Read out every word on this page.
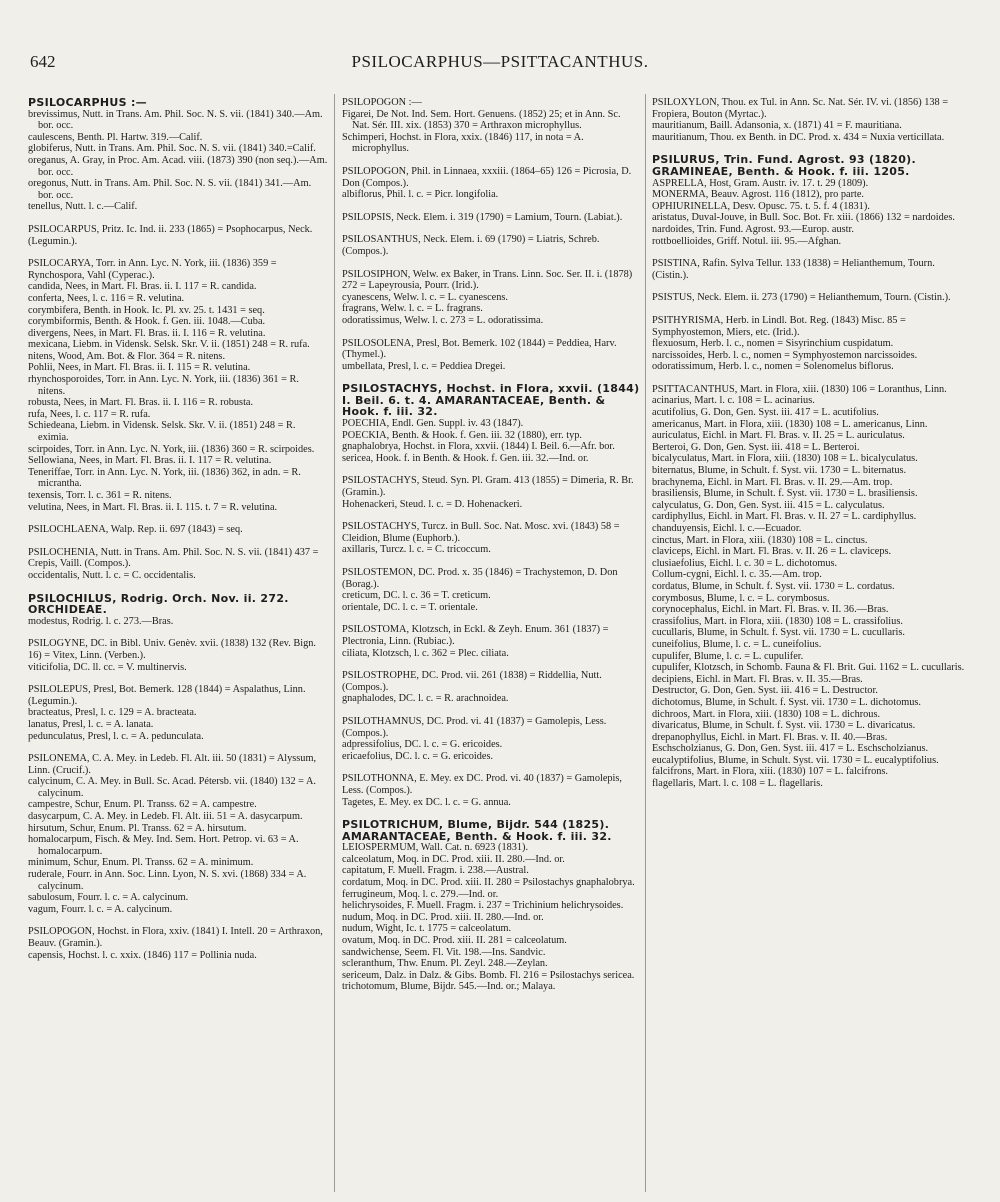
642	PSILOCARPHUS—PSITTACANTHUS.
PSILOCARPHUS :—
brevissimus, Nutt. in Trans. Am. Phil. Soc. N. S. vii. (1841) 340.—Am. bor. occ.
caulescens, Benth. Pl. Hartw. 319.—Calif.
globiferus, Nutt. in Trans. Am. Phil. Soc. N. S. vii. (1841) 340.=Calif.
oreganus, A. Gray, in Proc. Am. Acad. viii. (1873) 390 (non seq.).—Am. bor. occ.
oregonus, Nutt. in Trans. Am. Phil. Soc. N. S. vii. (1841) 341.—Am. bor. occ.
tenellus, Nutt. l. c.—Calif.
PSILOCARPUS, Pritz. Ic. Ind. ii. 233 (1865) = Psophocarpus, Neck. (Legumin.).
PSILOCARYA, Torr. in Ann. Lyc. N. York, iii. (1836) 359 = Rynchospora, Vahl (Cyperac.).
candida, Nees, in Mart. Fl. Bras. ii. I. 117 = R. candida.
conferta, Nees, l. c. 116 = R. velutina.
corymbifera, Benth. in Hook. Ic. Pl. xv. 25. t. 1431 = seq.
corymbiformis, Benth. & Hook. f. Gen. iii. 1048.—Cuba.
divergens, Nees, in Mart. Fl. Bras. ii. I. 116 = R. velutina.
mexicana, Liebm. in Vidensk. Selsk. Skr. V. ii. (1851) 248 = R. rufa.
nitens, Wood, Am. Bot. & Flor. 364 = R. nitens.
Pohlii, Nees, in Mart. Fl. Bras. ii. I. 115 = R. velutina.
rhynchosporoides, Torr. in Ann. Lyc. N. York, iii. (1836) 361 = R. nitens.
robusta, Nees, in Mart. Fl. Bras. ii. I. 116 = R. robusta.
rufa, Nees, l. c. 117 = R. rufa.
Schiedeana, Liebm. in Vidensk. Selsk. Skr. V. ii. (1851) 248 = R. eximia.
scirpoides, Torr. in Ann. Lyc. N. York, iii. (1836) 360 = R. scirpoides.
Sellowiana, Nees, in Mart. Fl. Bras. ii. I. 117 = R. velutina.
Teneriffae, Torr. in Ann. Lyc. N. York, iii. (1836) 362, in adn. = R. micrantha.
texensis, Torr. l. c. 361 = R. nitens.
velutina, Nees, in Mart. Fl. Bras. ii. I. 115. t. 7 = R. velutina.
PSILOCHLAENA, Walp. Rep. ii. 697 (1843) = seq.
PSILOCHENIA, Nutt. in Trans. Am. Phil. Soc. N. S. vii. (1841) 437 = Crepis, Vaill. (Compos.).
occidentalis, Nutt. l. c. = C. occidentalis.
PSILOCHILUS, Rodrig. Orch. Nov. ii. 272. ORCHIDEAE.
modestus, Rodrig. l. c. 273.—Bras.
PSILOGYNE, DC. in Bibl. Univ. Genèv. xvii. (1838) 132 (Rev. Bign. 16) = Vitex, Linn. (Verben.).
viticifolia, DC. ll. cc. = V. multinervis.
PSILOLEPUS, Presl, Bot. Bemerk. 128 (1844) = Aspalathus, Linn. (Legumin.).
bracteatus, Presl, l. c. 129 = A. bracteata.
lanatus, Presl, l. c. = A. lanata.
pedunculatus, Presl, l. c. = A. pedunculata.
PSILONEMA, C. A. Mey. in Ledeb. Fl. Alt. iii. 50 (1831) = Alyssum, Linn. (Crucif.).
calycinum, C. A. Mey. in Bull. Sc. Acad. Pétersb. vii. (1840) 132 = A. calycinum.
campestre, Schur, Enum. Pl. Transs. 62 = A. campestre.
dasycarpum, C. A. Mey. in Ledeb. Fl. Alt. iii. 51 = A. dasycarpum.
hirsutum, Schur, Enum. Pl. Transs. 62 = A. hirsutum.
homalocarpum, Fisch. & Mey. Ind. Sem. Hort. Petrop. vi. 63 = A. homalocarpum.
minimum, Schur, Enum. Pl. Transs. 62 = A. minimum.
ruderale, Fourr. in Ann. Soc. Linn. Lyon, N. S. xvi. (1868) 334 = A. calycinum.
sabulosum, Fourr. l. c. = A. calycinum.
vagum, Fourr. l. c. = A. calycinum.
PSILOPOGON, Hochst. in Flora, xxiv. (1841) I. Intell. 20 = Arthraxon, Beauv. (Gramin.).
capensis, Hochst. l. c. xxix. (1846) 117 = Pollinia nuda.
PSILOPOGON :—
Figarei, De Not. Ind. Sem. Hort. Genuens. (1852) 25; et in Ann. Sc. Nat. Sér. III. xix. (1853) 370 = Arthraxon microphyllus.
Schimperi, Hochst. in Flora, xxix. (1846) 117, in nota = A. microphyllus.
PSILOPOGON, Phil. in Linnaea, xxxiii. (1864–65) 126 = Picrosia, D. Don (Compos.).
albiflorus, Phil. l. c. = Picr. longifolia.
PSILOPSIS, Neck. Elem. i. 319 (1790) = Lamium, Tourn. (Labiat.).
PSILOSANTHUS, Neck. Elem. i. 69 (1790) = Liatris, Schreb. (Compos.).
PSILOSIPHON, Welw. ex Baker, in Trans. Linn. Soc. Ser. II. i. (1878) 272 = Lapeyrousia, Pourr. (Irid.).
cyanescens, Welw. l. c. = L. cyanescens.
fragrans, Welw. l. c. = L. fragrans.
odoratissimus, Welw. l. c. 273 = L. odoratissima.
PSILOSOLENA, Presl, Bot. Bemerk. 102 (1844) = Peddiea, Harv. (Thymel.).
umbellata, Presl, l. c. = Peddiea Dregei.
PSILOSTACHYS, Hochst. in Flora, xxvii. (1844) I. Beil. 6. t. 4. AMARANTACEAE, Benth. & Hook. f. iii. 32.
POECHIA, Endl. Gen. Suppl. iv. 43 (1847).
POECKIA, Benth. & Hook. f. Gen. iii. 32 (1880), err. typ.
gnaphalobrya, Hochst. in Flora, xxvii. (1844) I. Beil. 6.—Afr. bor.
sericea, Hook. f. in Benth. & Hook. f. Gen. iii. 32.—Ind. or.
PSILOSTACHYS, Steud. Syn. Pl. Gram. 413 (1855) = Dimeria, R. Br. (Gramin.).
Hohenackeri, Steud. l. c. = D. Hohenackeri.
PSILOSTACHYS, Turcz. in Bull. Soc. Nat. Mosc. xvi. (1843) 58 = Cleidion, Blume (Euphorb.).
axillaris, Turcz. l. c. = C. tricoccum.
PSILOSTEMON, DC. Prod. x. 35 (1846) = Trachystemon, D. Don (Borag.).
creticum, DC. l. c. 36 = T. creticum.
orientale, DC. l. c. = T. orientale.
PSILOSTOMA, Klotzsch, in Eckl. & Zeyh. Enum. 361 (1837) = Plectronia, Linn. (Rubiac.).
ciliata, Klotzsch, l. c. 362 = Plec. ciliata.
PSILOSTROPHE, DC. Prod. vii. 261 (1838) = Riddellia, Nutt. (Compos.).
gnaphalodes, DC. l. c. = R. arachnoidea.
PSILOTHAMNUS, DC. Prod. vi. 41 (1837) = Gamolepis, Less. (Compos.).
adpressifolius, DC. l. c. = G. ericoides.
ericaefolius, DC. l. c. = G. ericoides.
PSILOTHONNA, E. Mey. ex DC. Prod. vi. 40 (1837) = Gamolepis, Less. (Compos.).
Tagetes, E. Mey. ex DC. l. c. = G. annua.
PSILOTRICHUM, Blume, Bijdr. 544 (1825). AMARANTACEAE, Benth. & Hook. f. iii. 32.
LEIOSPERMUM, Wall. Cat. n. 6923 (1831).
calceolatum, Moq. in DC. Prod. xiii. II. 280.—Ind. or.
capitatum, F. Muell. Fragm. i. 238.—Austral.
cordatum, Moq. in DC. Prod. xiii. II. 280 = Psilostachys gnaphalobrya.
ferrugineum, Moq. l. c. 279.—Ind. or.
helichrysoides, F. Muell. Fragm. i. 237 = Trichinium helichrysoides.
nudum, Moq. in DC. Prod. xiii. II. 280.—Ind. or.
nudum, Wight, Ic. t. 1775 = calceolatum.
ovatum, Moq. in DC. Prod. xiii. II. 281 = calceolatum.
sandwichense, Seem. Fl. Vit. 198.—Ins. Sandvic.
scleranthum, Thw. Enum. Pl. Zeyl. 248.—Zeylan.
sericeum, Dalz. in Dalz. & Gibs. Bomb. Fl. 216 = Psilostachys sericea.
trichotomum, Blume, Bijdr. 545.—Ind. or.; Malaya.
PSILOXYLON, Thou. ex Tul. in Ann. Sc. Nat. Sér. IV. vi. (1856) 138 = Fropiera, Bouton (Myrtac.).
mauritianum, Baill. Adansonia, x. (1871) 41 = F. mauritiana.
mauritianum, Thou. ex Benth. in DC. Prod. x. 434 = Nuxia verticillata.
PSILURUS, Trin. Fund. Agrost. 93 (1820). GRAMINEAE, Benth. & Hook. f. iii. 1205.
ASPRELLA, Host, Gram. Austr. iv. 17. t. 29 (1809).
MONERMA, Beauv. Agrost. 116 (1812), pro parte.
OPHIURINELLA, Desv. Opusc. 75. t. 5. f. 4 (1831).
aristatus, Duval-Jouve, in Bull. Soc. Bot. Fr. xiii. (1866) 132 = nardoides.
nardoides, Trin. Fund. Agrost. 93.—Europ. austr.
rottboellioides, Griff. Notul. iii. 95.—Afghan.
PSISTINA, Rafin. Sylva Tellur. 133 (1838) = Helianthemum, Tourn. (Cistin.).
PSISTUS, Neck. Elem. ii. 273 (1790) = Helianthemum, Tourn. (Cistin.).
PSITHYRISMA, Herb. in Lindl. Bot. Reg. (1843) Misc. 85 = Symphyostemon, Miers, etc. (Irid.).
flexuosum, Herb. l. c., nomen = Sisyrinchium cuspidatum.
narcissoides, Herb. l. c., nomen = Symphyostemon narcissoides.
odoratissimum, Herb. l. c., nomen = Solenomelus biflorus.
PSITTACANTHUS, Mart. in Flora, xiii. (1830) 106 = Loranthus, Linn.
acinarius, Mart. l. c. 108 = L. acinarius.
acutifolius, G. Don, Gen. Syst. iii. 417 = L. acutifolius.
americanus, Mart. in Flora, xiii. (1830) 108 = L. americanus, Linn.
auriculatus, Eichl. in Mart. Fl. Bras. v. II. 25 = L. auriculatus.
Berteroi, G. Don, Gen. Syst. iii. 418 = L. Berteroi.
bicalyculatus, Mart. in Flora, xiii. (1830) 108 = L. bicalyculatus.
biternatus, Blume, in Schult. f. Syst. vii. 1730 = L. biternatus.
brachynema, Eichl. in Mart. Fl. Bras. v. II. 29.—Am. trop.
brasiliensis, Blume, in Schult. f. Syst. vii. 1730 = L. brasiliensis.
calyculatus, G. Don, Gen. Syst. iii. 415 = L. calyculatus.
cardiphyllus, Eichl. in Mart. Fl. Bras. v. II. 27 = L. cardiphyllus.
chanduyensis, Eichl. l. c.—Ecuador.
cinctus, Mart. in Flora, xiii. (1830) 108 = L. cinctus.
claviceps, Eichl. in Mart. Fl. Bras. v. II. 26 = L. claviceps.
clusiaefolius, Eichl. l. c. 30 = L. dichotomus.
Collum-cygni, Eichl. l. c. 35.—Am. trop.
cordatus, Blume, in Schult. f. Syst. vii. 1730 = L. cordatus.
corymbosus, Blume, l. c. = L. corymbosus.
corynocephalus, Eichl. in Mart. Fl. Bras. v. II. 36.—Bras.
crassifolius, Mart. in Flora, xiii. (1830) 108 = L. crassifolius.
cucullaris, Blume, in Schult. f. Syst. vii. 1730 = L. cucullaris.
cuneifolius, Blume, l. c. = L. cuneifolius.
cupulifer, Blume, l. c. = L. cupulifer.
cupulifer, Klotzsch, in Schomb. Fauna & Fl. Brit. Gui. 1162 = L. cucullaris.
decipiens, Eichl. in Mart. Fl. Bras. v. II. 35.—Bras.
Destructor, G. Don, Gen. Syst. iii. 416 = L. Destructor.
dichotomus, Blume, in Schult. f. Syst. vii. 1730 = L. dichotomus.
dichroos, Mart. in Flora, xiii. (1830) 108 = L. dichrous.
divaricatus, Blume, in Schult. f. Syst. vii. 1730 = L. divaricatus.
drepanophyllus, Eichl. in Mart. Fl. Bras. v. II. 40.—Bras.
Eschscholzianus, G. Don, Gen. Syst. iii. 417 = L. Eschscholzianus.
eucalyptifolius, Blume, in Schult. Syst. vii. 1730 = L. eucalyptifolius.
falcifrons, Mart. in Flora, xiii. (1830) 107 = L. falcifrons.
flagellaris, Mart. l. c. 108 = L. flagellaris.
